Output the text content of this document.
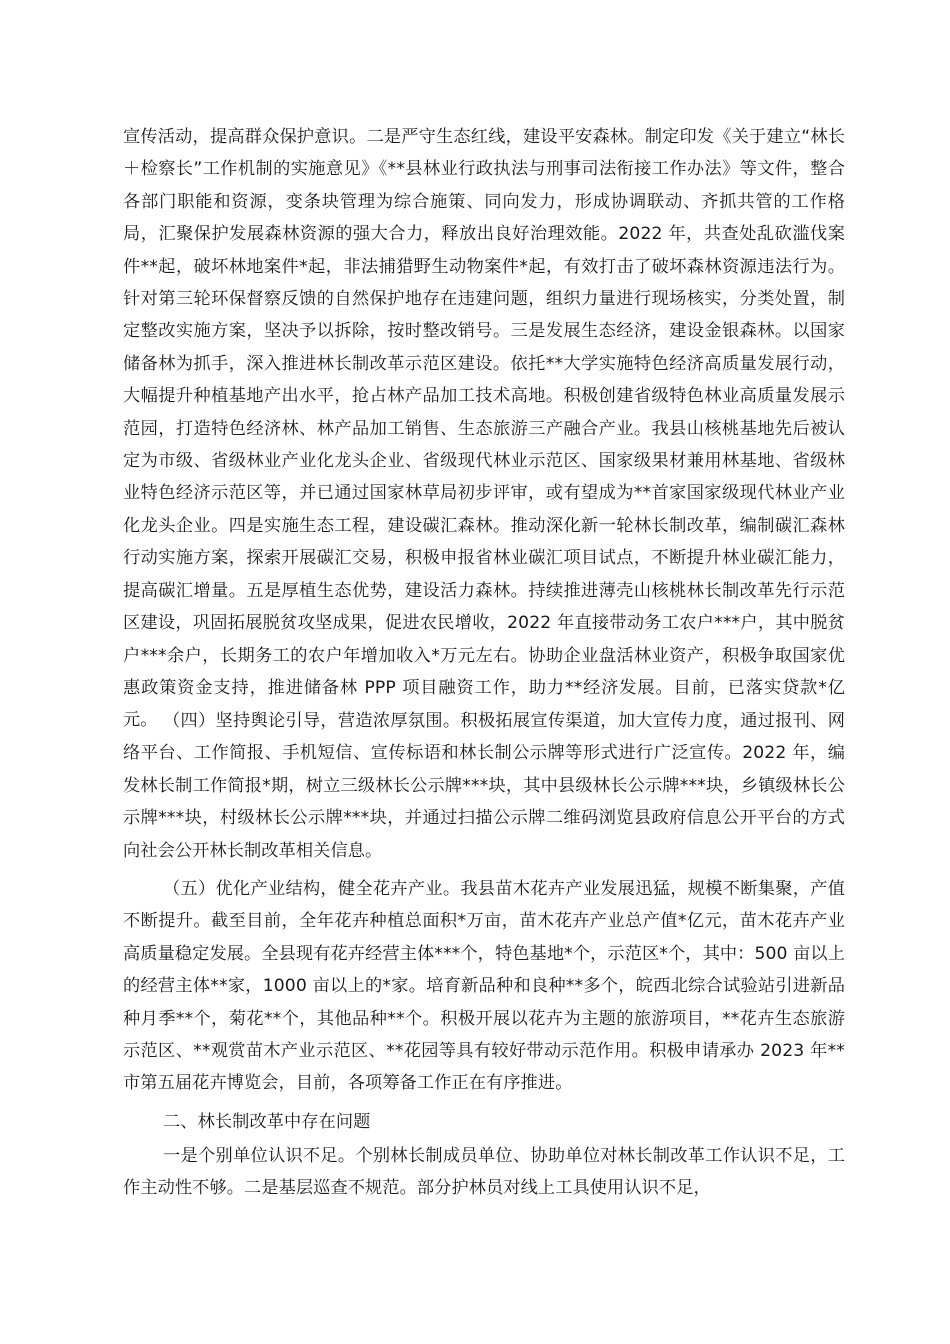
宣传活动，提高群众保护意识。二是严守生态红线，建设平安森林。制定印发《关于建立“林长＋检察长”工作机制的实施意见》《**县林业行政执法与刑事司法衔接工作办法》等文件，整合各部门职能和资源，变条块管理为综合施策、同向发力，形成协调联动、齐抓共管的工作格局，汇聚保护发展森林资源的强大合力，释放出良好治理效能。2022 年，共查处乱砍滥伐案件**起，破坏林地案件*起，非法捕猎野生动物案件*起，有效打击了破坏森林资源违法行为。针对第三轮环保督察反馈的自然保护地存在违建问题，组织力量进行现场核实，分类处置，制定整改实施方案，坚决予以拆除，按时整改销号。三是发展生态经济，建设金银森林。以国家储备林为抓手，深入推进林长制改革示范区建设。依托**大学实施特色经济高质量发展行动，大幅提升种植基地产出水平，抢占林产品加工技术高地。积极创建省级特色林业高质量发展示范园，打造特色经济林、林产品加工销售、生态旅游三产融合产业。我县山核桃基地先后被认定为市级、省级林业产业化龙头企业、省级现代林业示范区、国家级果材兼用林基地、省级林业特色经济示范区等，并已通过国家林草局初步评审，或有望成为**首家国家级现代林业产业化龙头企业。四是实施生态工程，建设碳汇森林。推动深化新一轮林长制改革，编制碳汇森林行动实施方案，探索开展碳汇交易，积极申报省林业碳汇项目试点，不断提升林业碳汇能力，提高碳汇增量。五是厚植生态优势，建设活力森林。持续推进薄壳山核桃林长制改革先行示范区建设，巩固拓展脱贫攻坚成果，促进农民增收，2022 年直接带动务工农户***户，其中脱贫户***余户，长期务工的农户年增加收入*万元左右。协助企业盘活林业资产，积极争取国家优惠政策资金支持，推进储备林 PPP 项目融资工作，助力**经济发展。目前，已落实贷款*亿元。 （四）坚持舆论引导，营造浓厚氛围。积极拓展宣传渠道，加大宣传力度，通过报刊、网络平台、工作简报、手机短信、宣传标语和林长制公示牌等形式进行广泛宣传。2022 年，编发林长制工作简报*期，树立三级林长公示牌***块，其中县级林长公示牌***块，乡镇级林长公示牌***块，村级林长公示牌***块，并通过扫描公示牌二维码浏览县政府信息公开平台的方式向社会公开林长制改革相关信息。

（五）优化产业结构，健全花卉产业。我县苗木花卉产业发展迅猛，规模不断集聚，产值不断提升。截至目前，全年花卉种植总面积*万亩，苗木花卉产业总产值*亿元，苗木花卉产业高质量稳定发展。全县现有花卉经营主体***个，特色基地*个，示范区*个，其中：500 亩以上的经营主体**家，1000 亩以上的*家。培育新品种和良种**多个，皖西北综合试验站引进新品种月季**个，菊花**个，其他品种**个。积极开展以花卉为主题的旅游项目，**花卉生态旅游示范区、**观赏苗木产业示范区、**花园等具有较好带动示范作用。积极申请承办 2023 年**市第五届花卉博览会，目前，各项筹备工作正在有序推进。

二、林长制改革中存在问题

一是个别单位认识不足。个别林长制成员单位、协助单位对林长制改革工作认识不足，工作主动性不够。二是基层巡查不规范。部分护林员对线上工具使用认识不足，
